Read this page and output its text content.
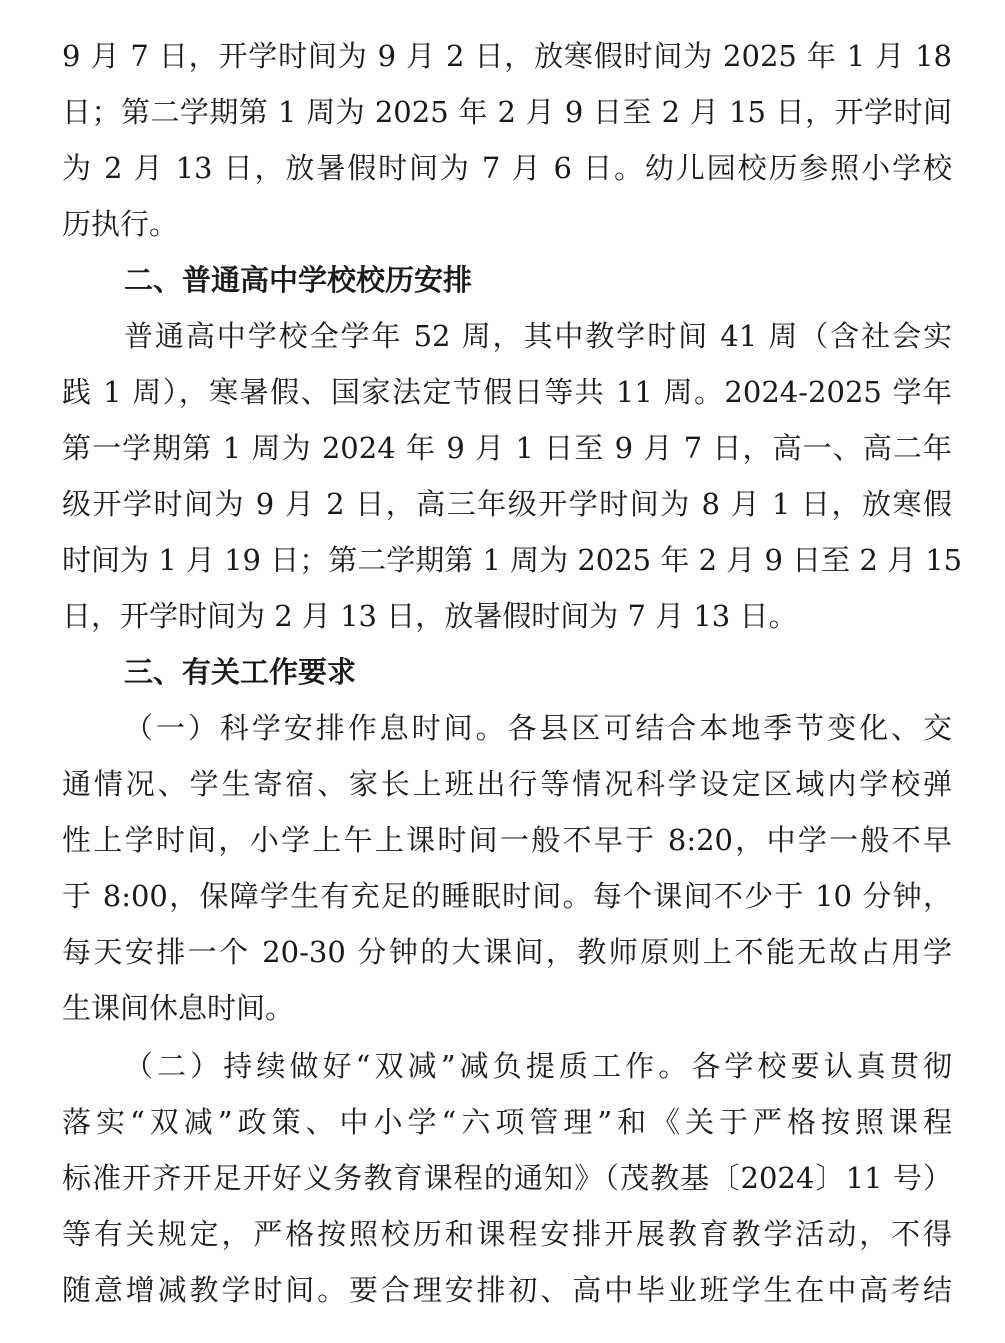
9 月 7 日，开学时间为 9 月 2 日，放寒假时间为 2025 年 1 月 18
日；第二学期第 1 周为 2025 年 2 月 9 日至 2 月 15 日，开学时间
为 2 月 13 日，放暑假时间为 7 月 6 日。幼儿园校历参照小学校
历执行。
二、普通高中学校校历安排
普通高中学校全学年 52 周，其中教学时间 41 周（含社会实
践 1 周），寒暑假、国家法定节假日等共 11 周。2024-2025 学年
第一学期第 1 周为 2024 年 9 月 1 日至 9 月 7 日，高一、高二年
级开学时间为 9 月 2 日，高三年级开学时间为 8 月 1 日，放寒假
时间为 1 月 19 日；第二学期第 1 周为 2025 年 2 月 9 日至 2 月 15
日，开学时间为 2 月 13 日，放暑假时间为 7 月 13 日。
三、有关工作要求
（一）科学安排作息时间。各县区可结合本地季节变化、交
通情况、学生寄宿、家长上班出行等情况科学设定区域内学校弹
性上学时间，小学上午上课时间一般不早于 8:20，中学一般不早
于 8:00，保障学生有充足的睡眠时间。每个课间不少于 10 分钟，
每天安排一个 20-30 分钟的大课间，教师原则上不能无故占用学
生课间休息时间。
（二）持续做好“双减”减负提质工作。各学校要认真贯彻
落实“双减”政策、中小学“六项管理”和《关于严格按照课程
标准开齐开足开好义务教育课程的通知》（茂教基〔2024〕11 号）
等有关规定，严格按照校历和课程安排开展教育教学活动，不得
随意增减教学时间。要合理安排初、高中毕业班学生在中高考结
